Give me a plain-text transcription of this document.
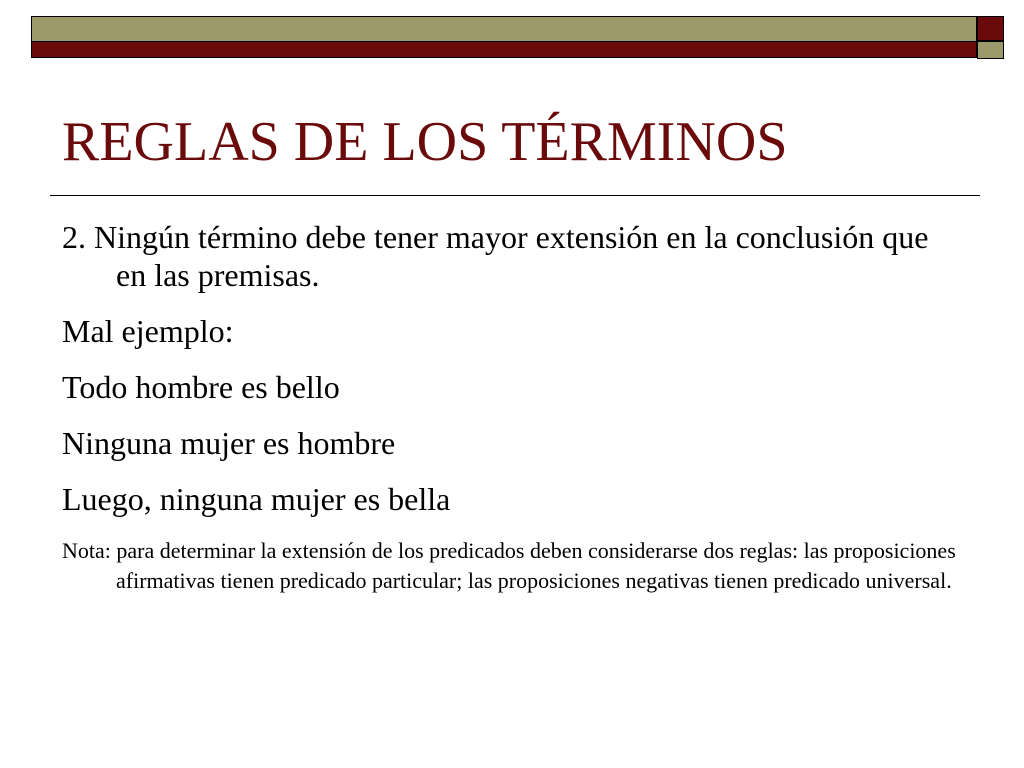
REGLAS DE LOS TÉRMINOS

2. Ningún término debe tener mayor extensión en la conclusión que en las premisas.

Mal ejemplo:

Todo hombre es bello

Ninguna mujer es hombre

Luego, ninguna mujer es bella

Nota: para determinar la extensión de los predicados deben considerarse dos reglas: las proposiciones afirmativas tienen predicado particular; las proposiciones negativas tienen predicado universal.
